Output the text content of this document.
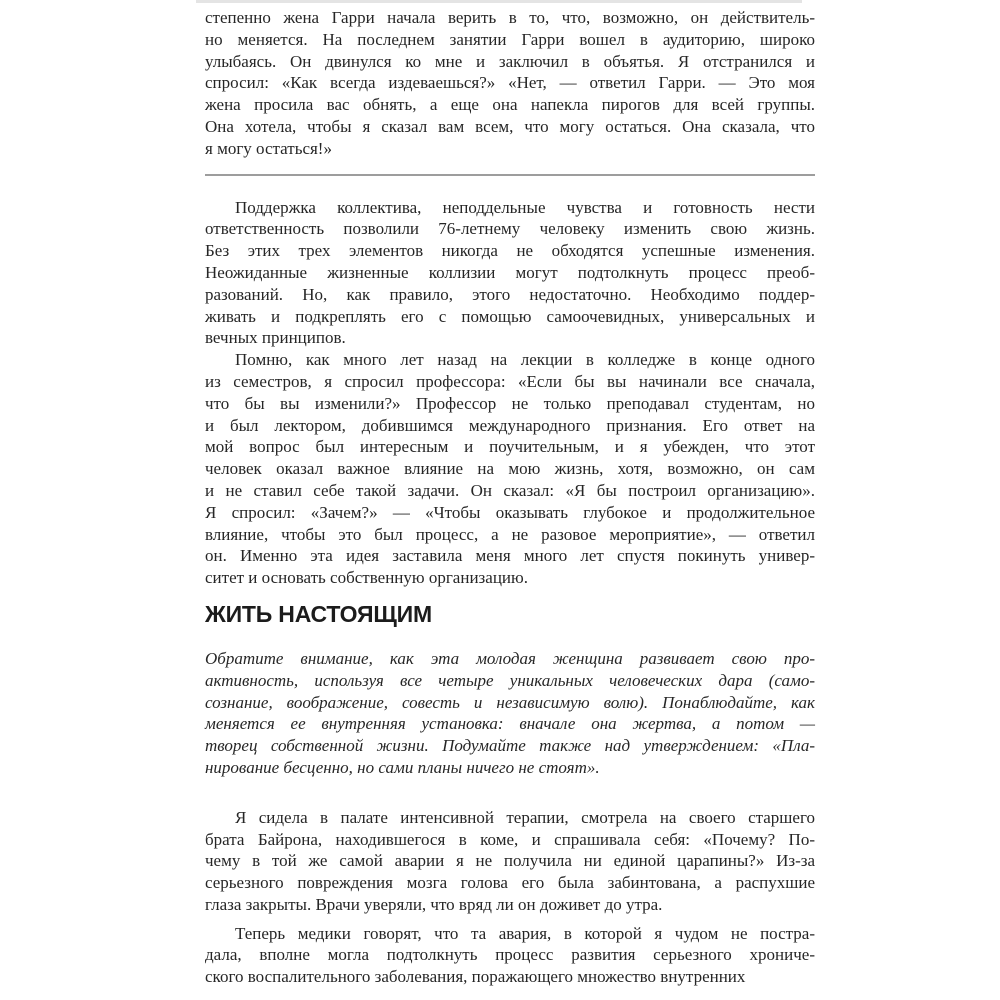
степенно жена Гарри начала верить в то, что, возможно, он действитель-
но меняется. На последнем занятии Гарри вошел в аудиторию, широко
улыбаясь. Он двинулся ко мне и заключил в объятья. Я отстранился и
спросил: «Как всегда издеваешься?» «Нет, — ответил Гарри. — Это моя
жена просила вас обнять, а еще она напекла пирогов для всей группы.
Она хотела, чтобы я сказал вам всем, что могу остаться. Она сказала, что
я могу остаться!»

Поддержка коллектива, неподдельные чувства и готовность нести
ответственность позволили 76-летнему человеку изменить свою жизнь.
Без этих трех элементов никогда не обходятся успешные изменения.
Неожиданные жизненные коллизии могут подтолкнуть процесс преоб-
разований. Но, как правило, этого недостаточно. Необходимо поддер-
живать и подкреплять его с помощью самоочевидных, универсальных и
вечных принципов.

Помню, как много лет назад на лекции в колледже в конце одного
из семестров, я спросил профессора: «Если бы вы начинали все сначала,
что бы вы изменили?» Профессор не только преподавал студентам, но
и был лектором, добившимся международного признания. Его ответ на
мой вопрос был интересным и поучительным, и я убежден, что этот
человек оказал важное влияние на мою жизнь, хотя, возможно, он сам
и не ставил себе такой задачи. Он сказал: «Я бы построил организацию».
Я спросил: «Зачем?» — «Чтобы оказывать глубокое и продолжительное
влияние, чтобы это был процесс, а не разовое мероприятие», — ответил
он. Именно эта идея заставила меня много лет спустя покинуть универ-
ситет и основать собственную организацию.

ЖИТЬ НАСТОЯЩИМ

Обратите внимание, как эта молодая женщина развивает свою про-
активность, используя все четыре уникальных человеческих дара (само-
сознание, воображение, совесть и независимую волю). Понаблюдайте, как
меняется ее внутренняя установка: вначале она жертва, а потом —
творец собственной жизни. Подумайте также над утверждением: «Пла-
нирование бесценно, но сами планы ничего не стоят».

Я сидела в палате интенсивной терапии, смотрела на своего старшего
брата Байрона, находившегося в коме, и спрашивала себя: «Почему? По-
чему в той же самой аварии я не получила ни единой царапины?» Из-за
серьезного повреждения мозга голова его была забинтована, а распухшие
глаза закрыты. Врачи уверяли, что вряд ли он доживет до утра.

Теперь медики говорят, что та авария, в которой я чудом не постра-
дала, вполне могла подтолкнуть процесс развития серьезного хрониче-
ского воспалительного заболевания, поражающего множество внутренних
